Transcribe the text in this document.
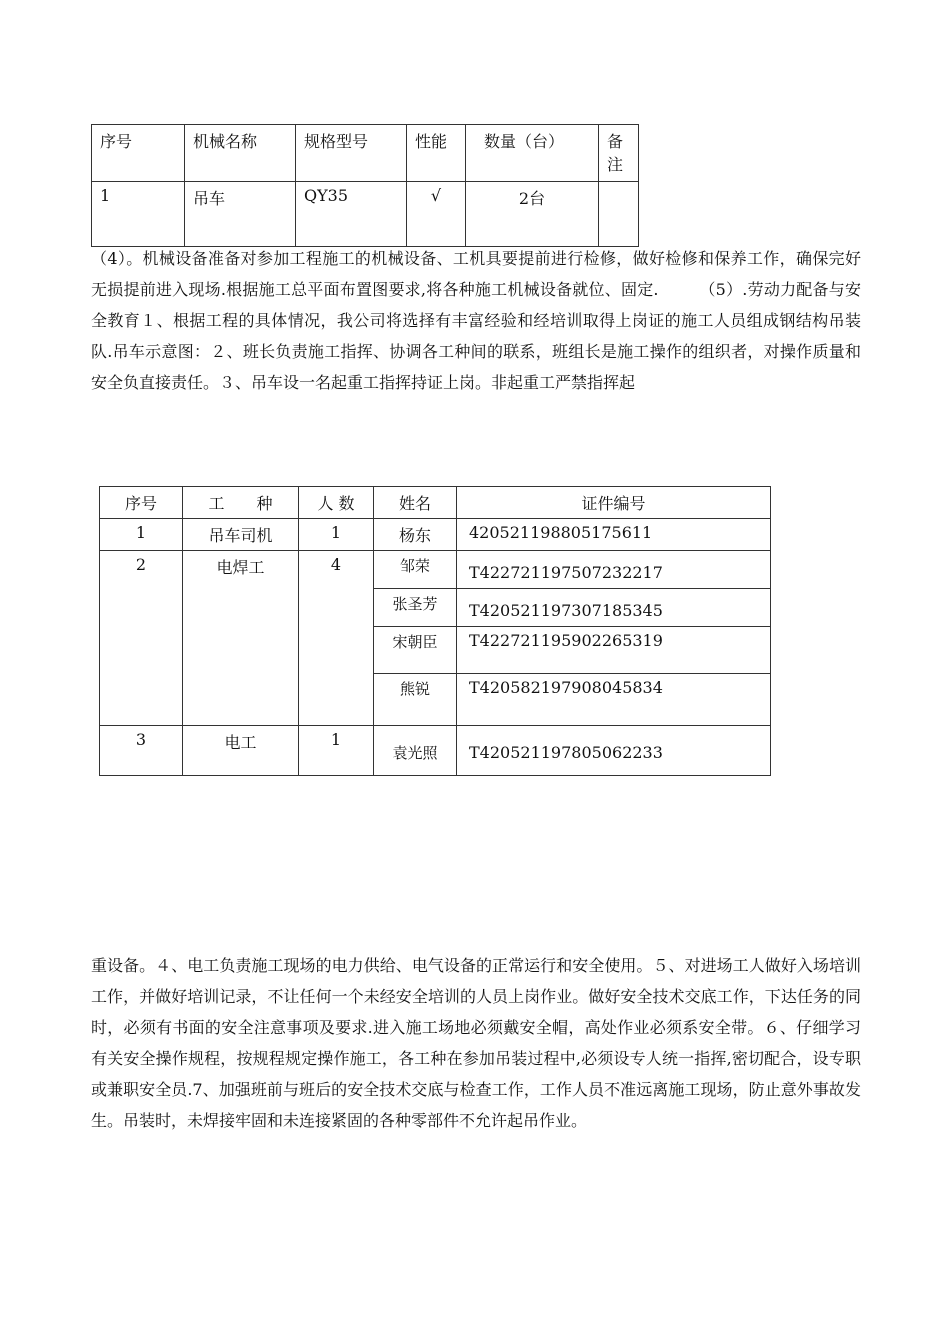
序号	机械名称	规格型号	性能	数量（台）	备注
1	吊车	QY35	√	2台	

（4）。机械设备准备对参加工程施工的机械设备、工机具要提前进行检修，做好检修和保养工作，确保完好无损提前进入现场.根据施工总平面布置图要求,将各种施工机械设备就位、固定.　　　（5）.劳动力配备与安全教育１、根据工程的具体情况，我公司将选择有丰富经验和经培训取得上岗证的施工人员组成钢结构吊装队.吊车示意图：２、班长负责施工指挥、协调各工种间的联系，班组长是施工操作的组织者，对操作质量和安全负直接责任。３、吊车设一名起重工指挥持证上岗。非起重工严禁指挥起

序号	工　　种	人 数	姓名	证件编号
1	吊车司机	1	杨东	420521198805175611
2	电焊工	4	邹荣	T422721197507232217
			张圣芳	T420521197307185345
			宋朝臣	T422721195902265319
			熊锐	T420582197908045834
3	电工	1	袁光照	T420521197805062233

重设备。４、电工负责施工现场的电力供给、电气设备的正常运行和安全使用。５、对进场工人做好入场培训工作，并做好培训记录，不让任何一个未经安全培训的人员上岗作业。做好安全技术交底工作，下达任务的同时，必须有书面的安全注意事项及要求.进入施工场地必须戴安全帽，高处作业必须系安全带。６、仔细学习有关安全操作规程，按规程规定操作施工，各工种在参加吊装过程中,必须设专人统一指挥,密切配合，设专职或兼职安全员.7、加强班前与班后的安全技术交底与检查工作，工作人员不准远离施工现场，防止意外事故发生。吊装时，未焊接牢固和未连接紧固的各种零部件不允许起吊作业。
